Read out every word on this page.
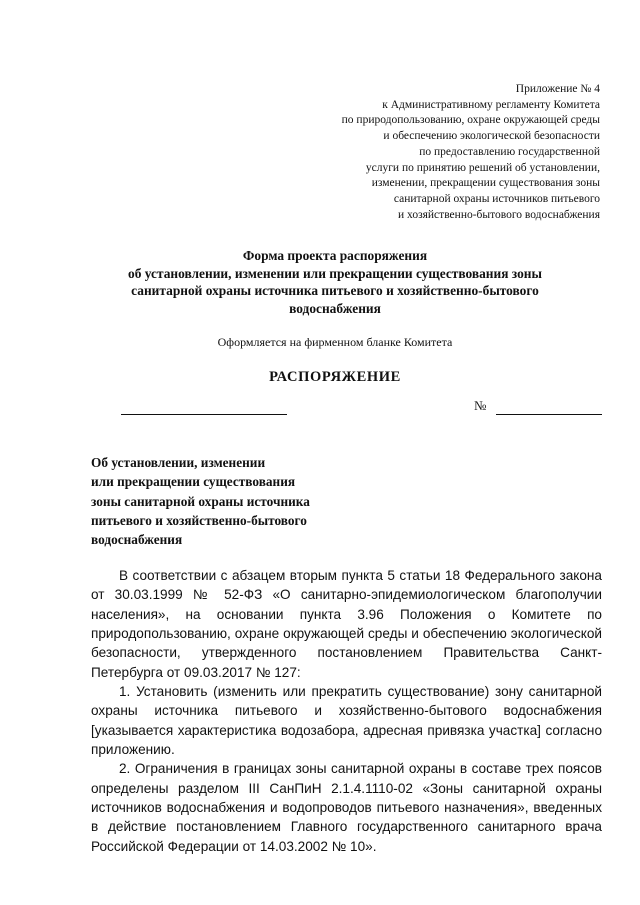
Приложение № 4
к Административному регламенту Комитета
по природопользованию, охране окружающей среды
и обеспечению экологической безопасности
по предоставлению государственной
услуги по принятию решений об установлении,
изменении, прекращении существования зоны
санитарной охраны источников питьевого
и хозяйственно-бытового водоснабжения
Форма проекта распоряжения
об установлении, изменении или прекращении существования зоны
санитарной охраны источника питьевого и хозяйственно-бытового
водоснабжения
Оформляется на фирменном бланке Комитета
РАСПОРЯЖЕНИЕ
№
Об установлении, изменении
или прекращении существования
зоны санитарной охраны источника
питьевого и хозяйственно-бытового
водоснабжения

В соответствии с абзацем вторым пункта 5 статьи 18 Федерального закона от 30.03.1999 № 52-ФЗ «О санитарно-эпидемиологическом благополучии населения», на основании пункта 3.96 Положения о Комитете по природопользованию, охране окружающей среды и обеспечению экологической безопасности, утвержденного постановлением Правительства Санкт-Петербурга от 09.03.2017 № 127:

1. Установить (изменить или прекратить существование) зону санитарной охраны источника питьевого и хозяйственно-бытового водоснабжения [указывается характеристика водозабора, адресная привязка участка] согласно приложению.

2. Ограничения в границах зоны санитарной охраны в составе трех поясов определены разделом III СанПиН 2.1.4.1110-02 «Зоны санитарной охраны источников водоснабжения и водопроводов питьевого назначения», введенных в действие постановлением Главного государственного санитарного врача Российской Федерации от 14.03.2002 № 10».
